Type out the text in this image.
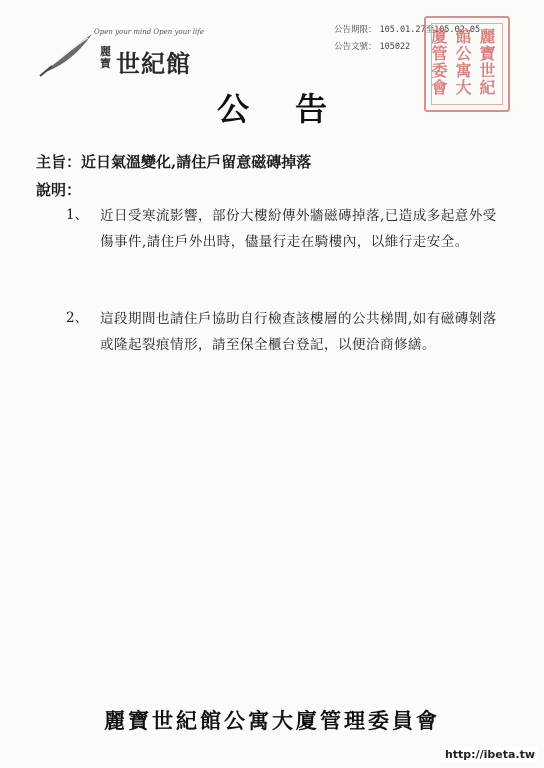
Open your mind Open your life
麗寶 世紀館
公告期限： 105.01.27至105.02.05
公告文號： 105022	麗寶世紀
館公寓大
廈管委會
公告
主旨：近日氣溫變化,請住戶留意磁磚掉落
說明：
1、 近日受寒流影響，部份大樓紛傳外牆磁磚掉落,已造成多起意外受傷事件,請住戶外出時，儘量行走在騎樓內，以維行走安全。
2、 這段期間也請住戶協助自行檢查該樓層的公共梯間,如有磁磚剝落或隆起裂痕情形，請至保全櫃台登記，以便洽商修繕。
麗寶世紀館公寓大廈管理委員會
http://ibeta.tw
